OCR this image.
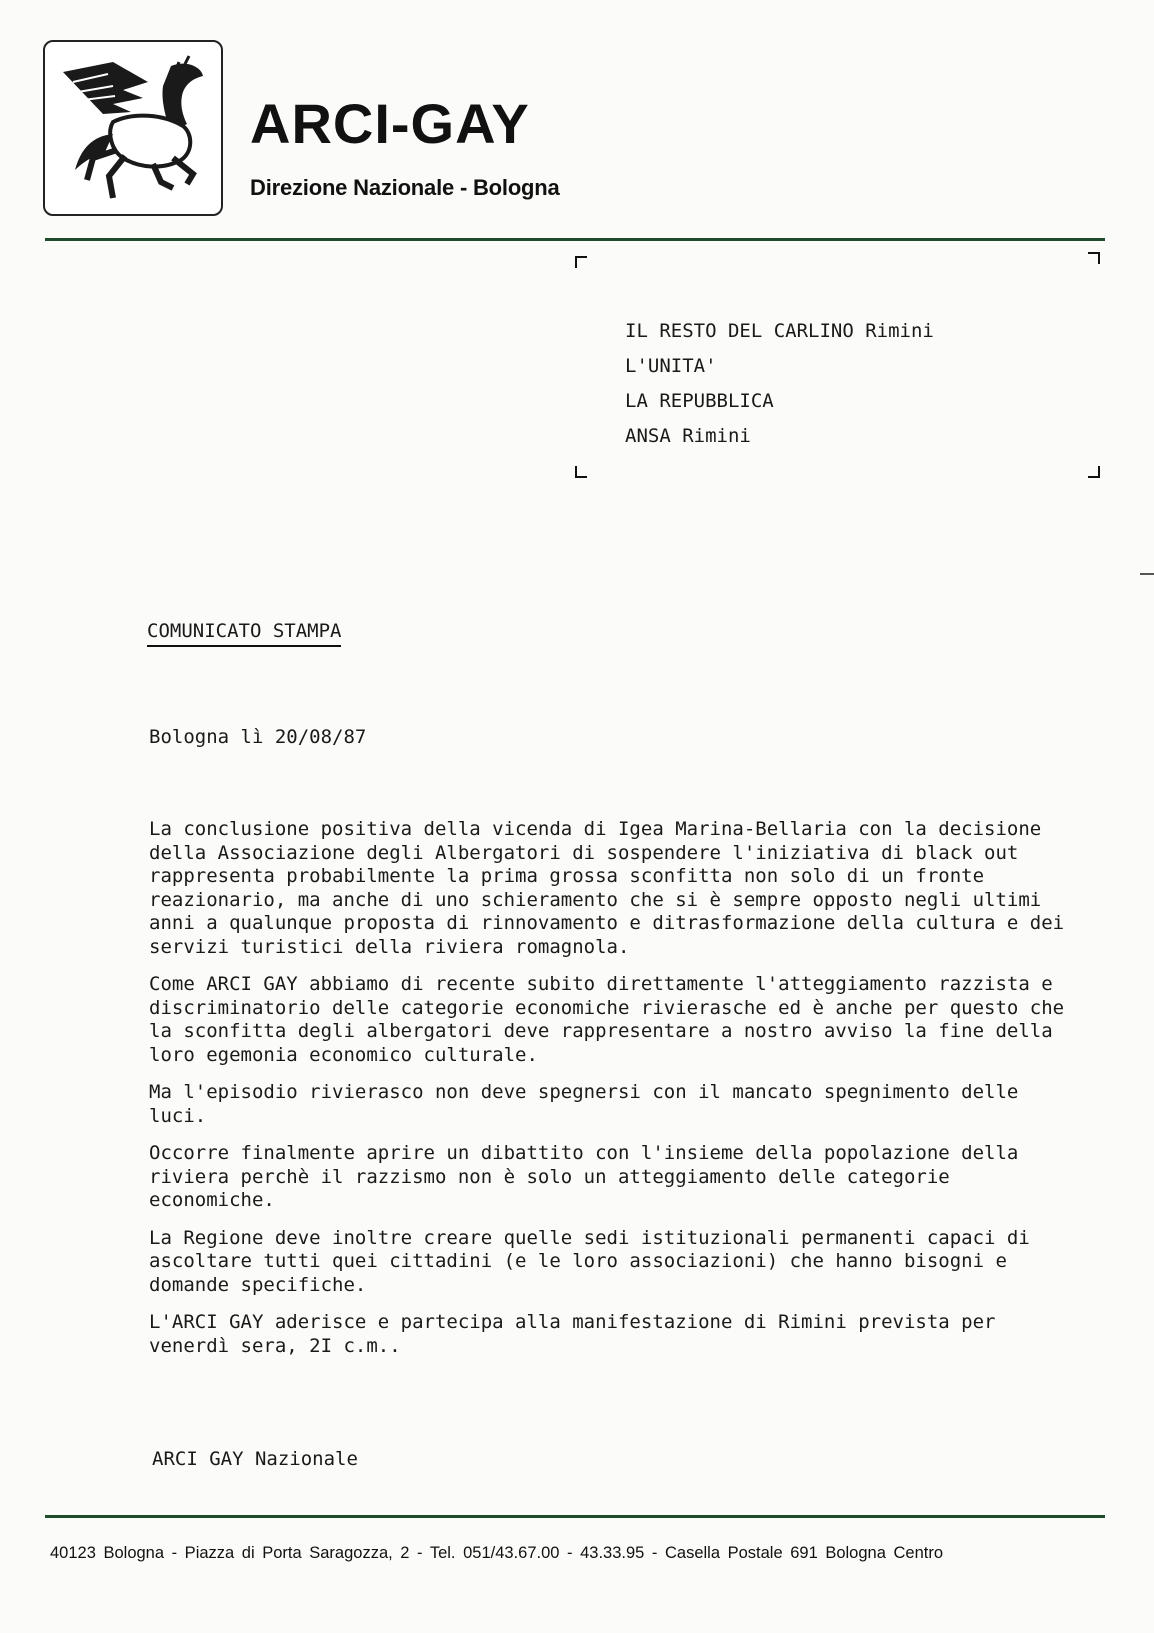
ARCI-GAY
Direzione Nazionale - Bologna
IL RESTO DEL CARLINO Rimini
L'UNITA'
LA REPUBBLICA
ANSA Rimini
COMUNICATO STAMPA
Bologna lì 20/08/87

La conclusione positiva della vicenda di Igea Marina-Bellaria con la decisione della Associazione degli Albergatori di sospendere l'iniziativa di black out rappresenta probabilmente la prima grossa sconfitta non solo di un fronte reazionario, ma anche di uno schieramento che si è sempre opposto negli ultimi anni a qualunque proposta di rinnovamento e ditrasformazione della cultura e dei servizi turistici della riviera romagnola.

Come ARCI GAY abbiamo di recente subito direttamente l'atteggiamento razzista e discriminatorio delle categorie economiche rivierasche ed è anche per questo che la sconfitta degli albergatori deve rappresentare a nostro avviso la fine della loro egemonia economico culturale.

Ma l'episodio rivierasco non deve spegnersi con il mancato spegnimento delle luci.

Occorre finalmente aprire un dibattito con l'insieme della popolazione della riviera perchè il razzismo non è solo un atteggiamento delle categorie economiche.

La Regione deve inoltre creare quelle sedi istituzionali permanenti capaci di ascoltare tutti quei cittadini (e le loro associazioni) che hanno bisogni e domande specifiche.

L'ARCI GAY aderisce e partecipa alla manifestazione di Rimini prevista per venerdì sera, 2I c.m..

ARCI GAY Nazionale
40123 Bologna - Piazza di Porta Saragozza, 2 - Tel. 051/43.67.00 - 43.33.95 - Casella Postale 691 Bologna Centro
